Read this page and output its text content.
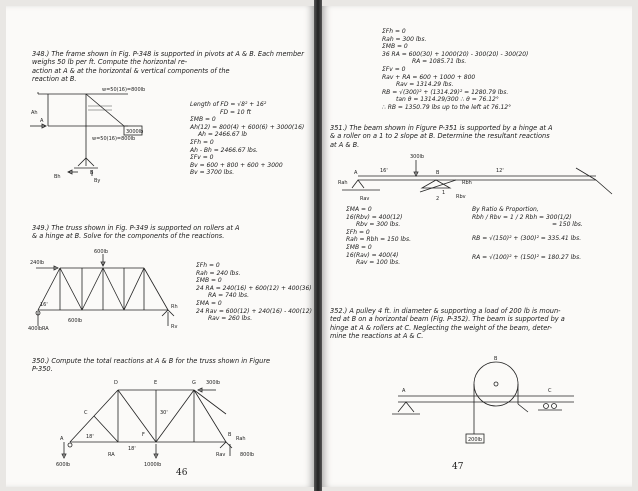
348.) The frame shown in Fig. P-348 is supported in pivots at A & B. Each member weighs 50 lb per ft. Compute the horizontal re-
action at A & at the horizontal & vertical components of the
reaction at B.
Ah
A
B
By
Bh
3000lb
w=50(16)=800lb
w=50(16)=800lb
Length of FD = √8² + 16²
FD = 10 ft
ΣMB = 0
Ah(12) = 800(4) + 600(6) + 3000(16)
Ah = 2466.67 lb
ΣFh = 0
Ah - Bh = 2466.67 lbs.
ΣFv = 0
Bv = 600 + 800 + 600 + 3000
Bv = 3700 lbs.
349.) The truss shown in Fig. P-349 is supported on rollers at A
& a hinge at B. Solve for the components of the reactions.
600lb
240lb
600lb
400lb RA
Rh
Rv
16'
ΣFh = 0
Rah = 240 lbs.
ΣMB = 0
24 RA = 240(16) + 600(12) + 400(36)
RA = 740 lbs.
ΣMA = 0
24 Rav = 600(12) + 240(16) - 400(12)
Rav = 260 lbs.
350.) Compute the total reactions at A & B for the truss shown in Figure
P-350.
D	E	G 300lb
C
F	B
A
600lb	1000lb
800lb
RA	Rav
Rah
18'
18'
30'
46
ΣFh = 0
Rah = 300 lbs.
ΣMB = 0
36 RA = 600(30) + 1000(20) - 300(20) - 300(20)
RA = 1085.71 lbs.
ΣFv = 0
Rav + RA = 600 + 1000 + 800
Rav = 1314.29 lbs.
RB = √(300)² + (1314.29)² = 1280.79 lbs.
tan θ = 1314.29/300 ∴ θ = 76.12°
∴ RB = 1350.79 lbs up to the left at 76.12°
351.) The beam shown in Figure P-351 is supported by a hinge at A
& a roller on a 1 to 2 slope at B. Determine the resultant reactions
at A & B.
300lb
16'	12'
A	B
Rah
Rav
Rbh
Rbv
1
2
ΣMA = 0
16(Rbv) = 400(12)
Rbv = 300 lbs.
ΣFh = 0
Rah = Rbh = 150 lbs.
ΣMB = 0
16(Rav) = 400(4)
Rav = 100 lbs.
By Ratio & Proportion,
Rbh / Rbv = 1 / 2 Rbh = 300(1/2)
= 150 lbs.
RB = √(150)² + (300)² = 335.41 lbs.
RA = √(100)² + (150)² = 180.27 lbs.
352.) A pulley 4 ft. in diameter & supporting a load of 200 lb is moun-
ted at B on a horizontal beam (Fig. P-352). The beam is supported by a
hinge at A & rollers at C. Neglecting the weight of the beam, deter-
mine the reactions at A & C.
A
B
C
200lb
47
